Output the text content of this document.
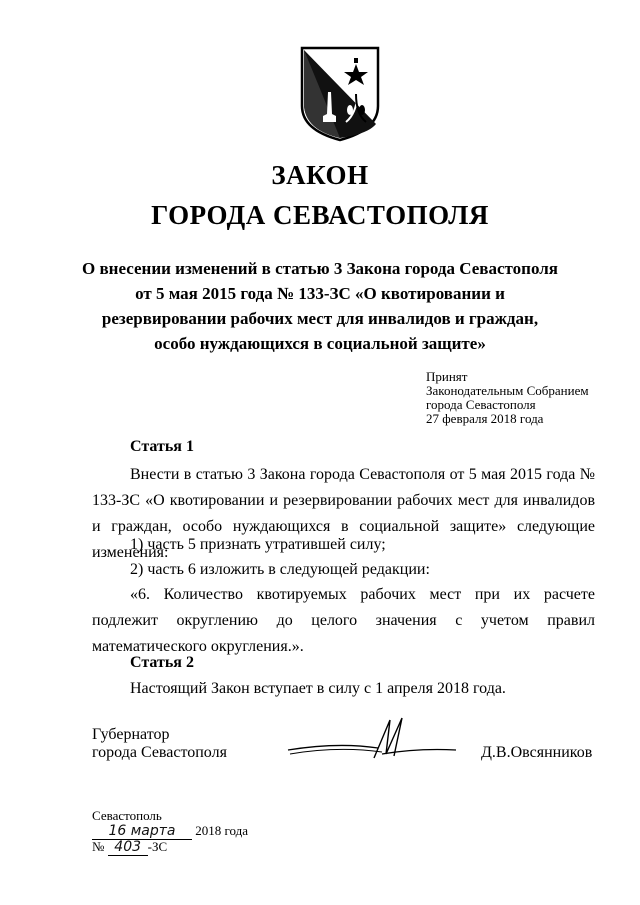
ЗАКОН
ГОРОДА СЕВАСТОПОЛЯ
О внесении изменений в статью 3 Закона города Севастополя
от 5 мая 2015 года № 133-ЗС «О квотировании и
резервировании рабочих мест для инвалидов и граждан,
особо нуждающихся в социальной защите»
Принят
Законодательным Собранием
города Севастополя
27 февраля 2018 года
Статья 1
Внести в статью 3 Закона города Севастополя от 5 мая 2015 года № 133-ЗС «О квотировании и резервировании рабочих мест для инвалидов и граждан, особо нуждающихся в социальной защите» следующие изменения:
1) часть 5 признать утратившей силу;
2) часть 6 изложить в следующей редакции:
«6. Количество квотируемых рабочих мест при их расчете подлежит округлению до целого значения с учетом правил математического округления.».
Статья 2
Настоящий Закон вступает в силу с 1 апреля 2018 года.
Губернатор
города Севастополя	Д.В.Овсянников
Севастополь
16 марта 2018 года
№ 403 -ЗС
